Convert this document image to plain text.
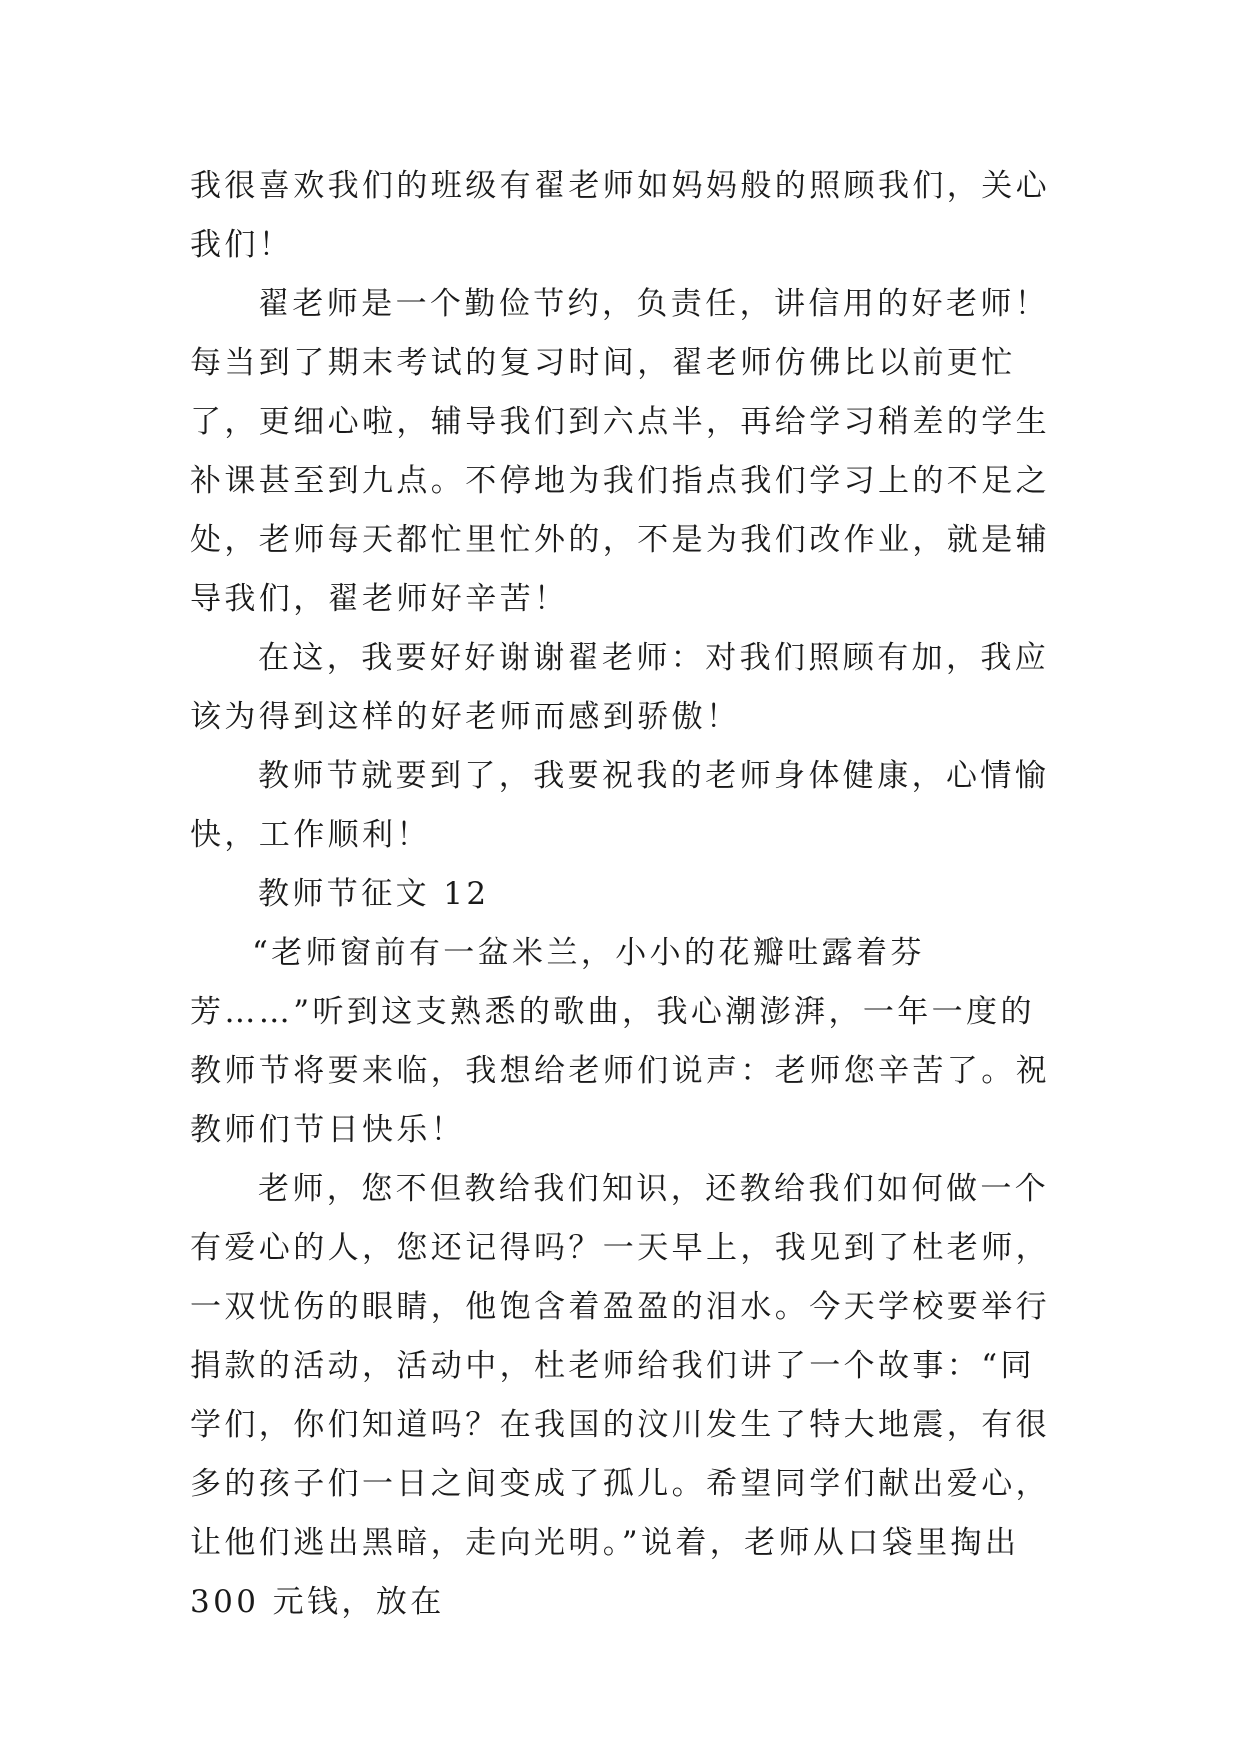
我很喜欢我们的班级有翟老师如妈妈般的照顾我们，关心我们！

翟老师是一个勤俭节约，负责任，讲信用的好老师！每当到了期末考试的复习时间，翟老师仿佛比以前更忙了，更细心啦，辅导我们到六点半，再给学习稍差的学生补课甚至到九点。不停地为我们指点我们学习上的不足之处，老师每天都忙里忙外的，不是为我们改作业，就是辅导我们，翟老师好辛苦！

在这，我要好好谢谢翟老师：对我们照顾有加，我应该为得到这样的好老师而感到骄傲！

教师节就要到了，我要祝我的老师身体健康，心情愉快，工作顺利！

教师节征文 12

“老师窗前有一盆米兰，小小的花瓣吐露着芬芳……”听到这支熟悉的歌曲，我心潮澎湃，一年一度的教师节将要来临，我想给老师们说声：老师您辛苦了。祝教师们节日快乐！

老师，您不但教给我们知识，还教给我们如何做一个有爱心的人，您还记得吗？一天早上，我见到了杜老师，一双忧伤的眼睛，他饱含着盈盈的泪水。今天学校要举行捐款的活动，活动中，杜老师给我们讲了一个故事：“同学们，你们知道吗？在我国的汶川发生了特大地震，有很多的孩子们一日之间变成了孤儿。希望同学们献出爱心，让他们逃出黑暗，走向光明。”说着，老师从口袋里掏出 300 元钱，放在
